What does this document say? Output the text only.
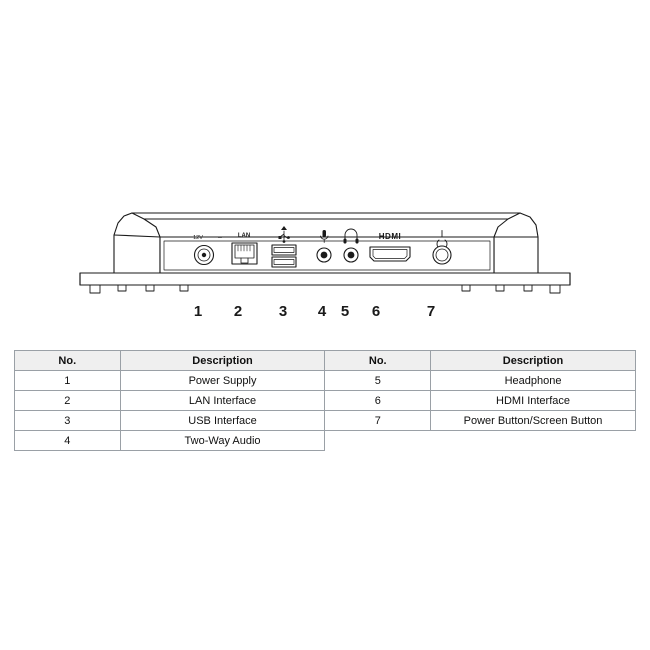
12V	⎓	LAN	HDMI
1	2	3	4 5	6	7
No.	Description	No.	Description
1	Power Supply	5	Headphone
2	LAN Interface	6	HDMI Interface
3	USB Interface	7	Power Button/Screen Button
4	Two-Way Audio		
